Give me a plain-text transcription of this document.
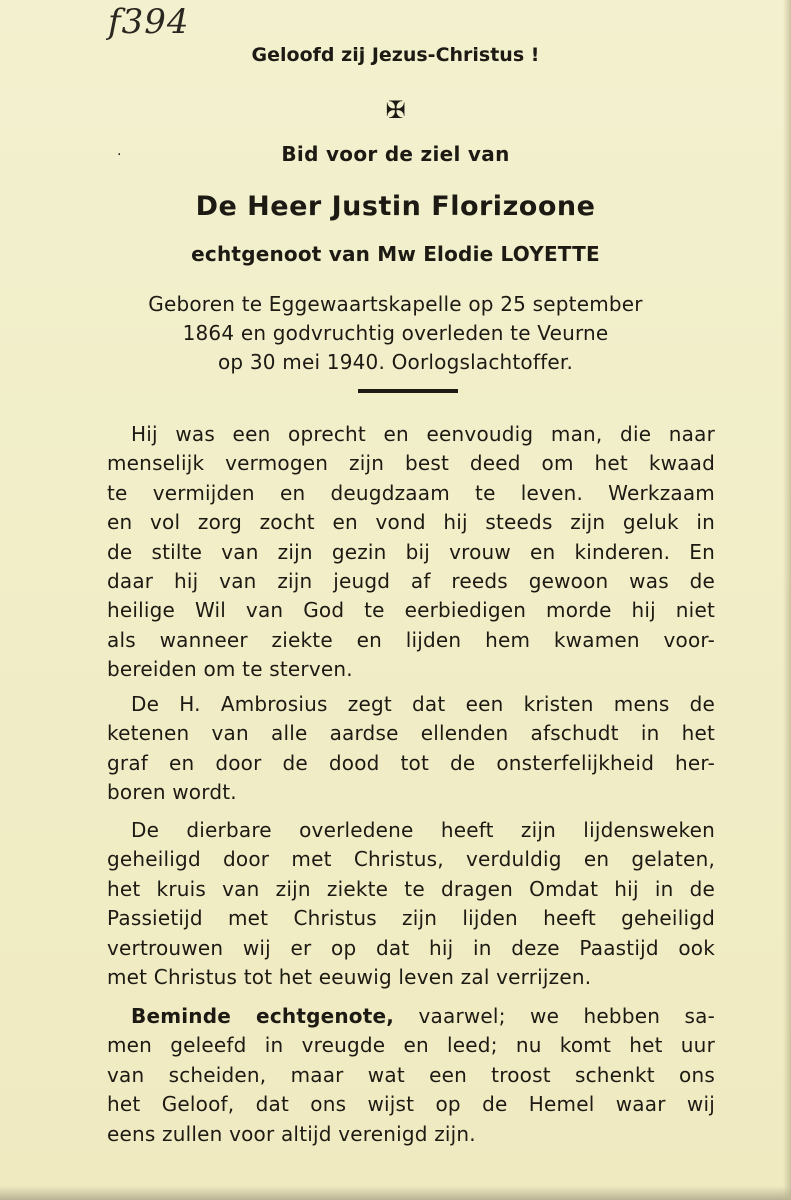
f394
·
Geloofd zij Jezus-Christus !
✠
Bid voor de ziel van
De Heer Justin Florizoone
echtgenoot van Mw Elodie LOYETTE
Geboren te Eggewaartskapelle op 25 september
1864 en godvruchtig overleden te Veurne
op 30 mei 1940. Oorlogslachtoffer.
Hij was een oprecht en eenvoudig man, die naar
menselijk vermogen zijn best deed om het kwaad
te vermijden en deugdzaam te leven. Werkzaam
en vol zorg zocht en vond hij steeds zijn geluk in
de stilte van zijn gezin bij vrouw en kinderen. En
daar hij van zijn jeugd af reeds gewoon was de
heilige Wil van God te eerbiedigen morde hij niet
als wanneer ziekte en lijden hem kwamen voor-
bereiden om te sterven.
De H. Ambrosius zegt dat een kristen mens de
ketenen van alle aardse ellenden afschudt in het
graf en door de dood tot de onsterfelijkheid her-
boren wordt.
De dierbare overledene heeft zijn lijdensweken
geheiligd door met Christus, verduldig en gelaten,
het kruis van zijn ziekte te dragen Omdat hij in de
Passietijd met Christus zijn lijden heeft geheiligd
vertrouwen wij er op dat hij in deze Paastijd ook
met Christus tot het eeuwig leven zal verrijzen.
Beminde echtgenote, vaarwel; we hebben sa-
men geleefd in vreugde en leed; nu komt het uur
van scheiden, maar wat een troost schenkt ons
het Geloof, dat ons wijst op de Hemel waar wij
eens zullen voor altijd verenigd zijn.
